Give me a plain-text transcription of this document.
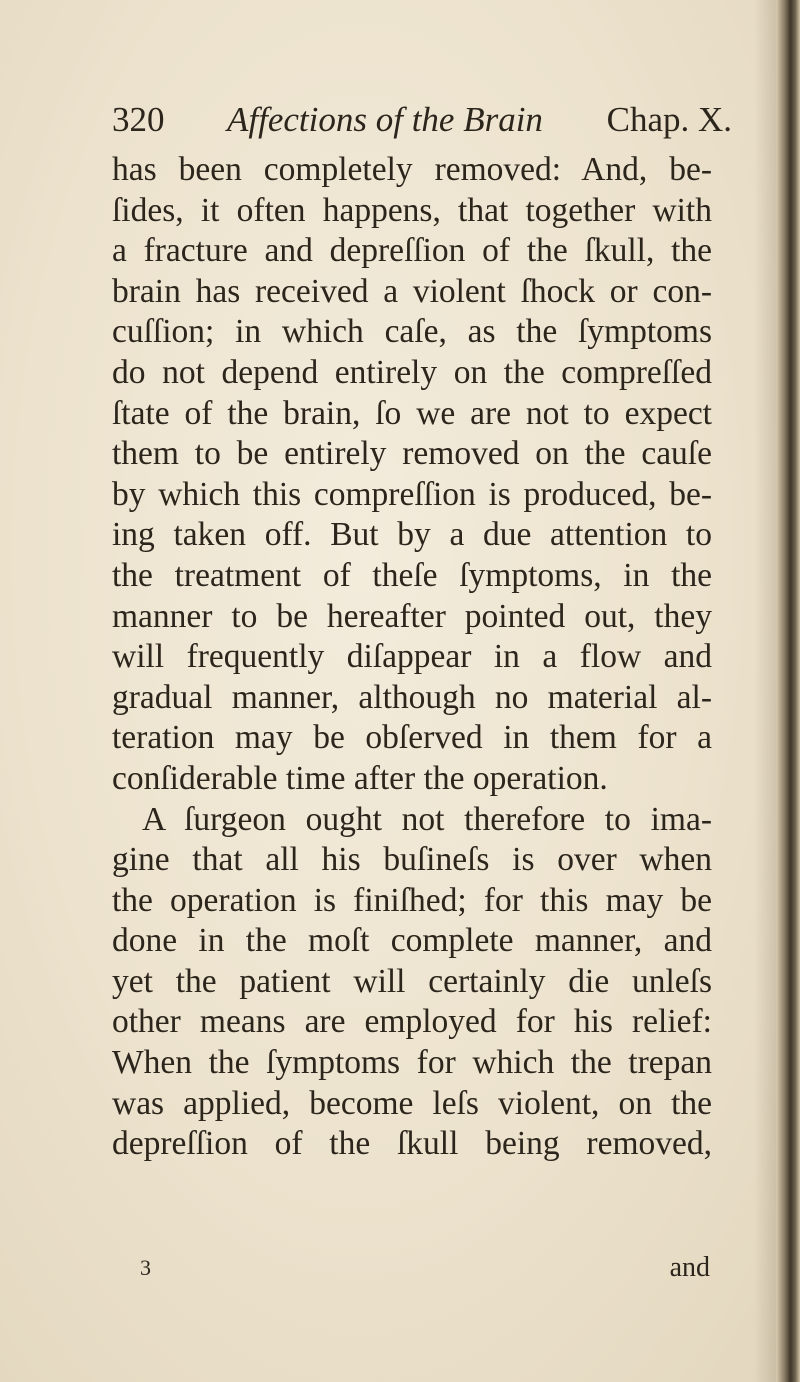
320 Affections of the Brain Chap. X.
has been completely removed: And, be-
ſides, it often happens, that together with
a fracture and depreſſion of the ſkull, the
brain has received a violent ſhock or con-
cuſſion; in which caſe, as the ſymptoms
do not depend entirely on the compreſſed
ſtate of the brain, ſo we are not to expect
them to be entirely removed on the cauſe
by which this compreſſion is produced, be-
ing taken off. But by a due attention to
the treatment of theſe ſymptoms, in the
manner to be hereafter pointed out, they
will frequently diſappear in a flow and
gradual manner, although no material al-
teration may be obſerved in them for a
conſiderable time after the operation.
A ſurgeon ought not therefore to ima-
gine that all his buſineſs is over when
the operation is finiſhed; for this may be
done in the moſt complete manner, and
yet the patient will certainly die unleſs
other means are employed for his relief:
When the ſymptoms for which the trepan
was applied, become leſs violent, on the
depreſſion of the ſkull being removed,
3	and
